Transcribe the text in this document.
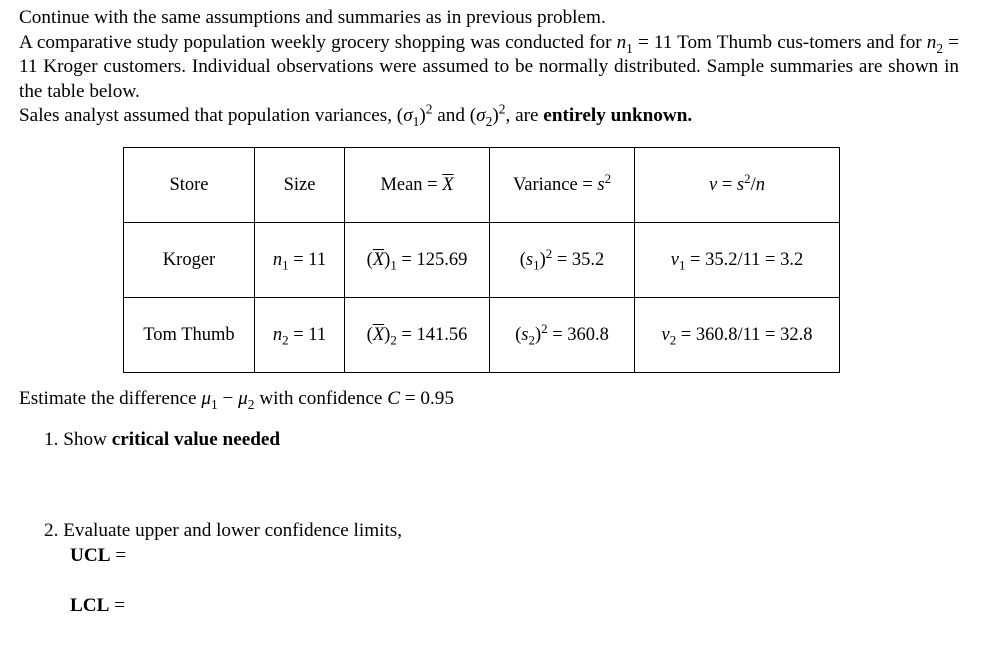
Continue with the same assumptions and summaries as in previous problem.

A comparative study population weekly grocery shopping was conducted for $n_1 = 11$ Tom Thumb cus-tomers and for $n_2 = 11$ Kroger customers. Individual observations were assumed to be normally distributed. Sample summaries are shown in the table below.

Sales analyst assumed that population variances, $(\sigma_1)^2$ and $(\sigma_2)^2$, are entirely unknown.

Store	Size	Mean = $\overline{X}$	Variance = $s^2$	$v = s^2/n$
Kroger	$n_1 = 11$	$(\overline{X})_1 = 125.69$	$(s_1)^2 = 35.2$	$v_1 = 35.2/11 = 3.2$
Tom Thumb	$n_2 = 11$	$(\overline{X})_2 = 141.56$	$(s_2)^2 = 360.8$	$v_2 = 360.8/11 = 32.8$
Estimate the difference $\mu_1 - \mu_2$ with confidence C = 0.95
1. Show critical value needed
2. Evaluate upper and lower confidence limits,
UCL =
LCL =
